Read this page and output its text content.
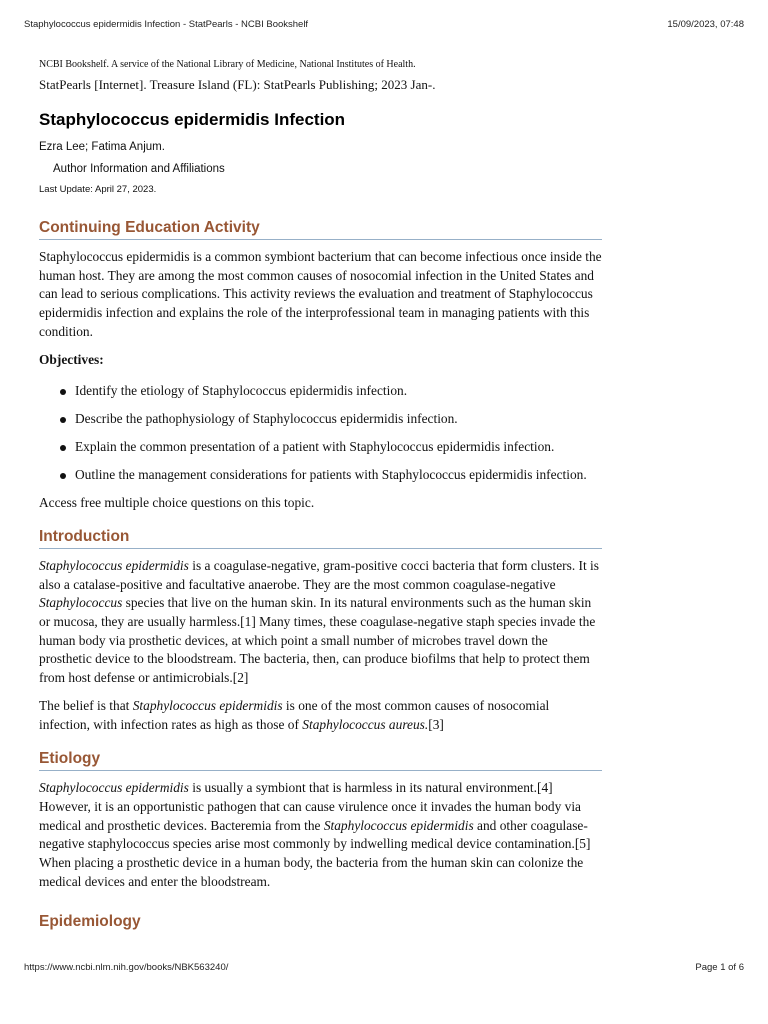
Staphylococcus epidermidis Infection - StatPearls - NCBI Bookshelf	15/09/2023, 07:48

NCBI Bookshelf. A service of the National Library of Medicine, National Institutes of Health.

StatPearls [Internet]. Treasure Island (FL): StatPearls Publishing; 2023 Jan-.

Staphylococcus epidermidis Infection

Ezra Lee; Fatima Anjum.

Author Information and Affiliations

Last Update: April 27, 2023.

Continuing Education Activity

Staphylococcus epidermidis is a common symbiont bacterium that can become infectious once inside the human host. They are among the most common causes of nosocomial infection in the United States and can lead to serious complications. This activity reviews the evaluation and treatment of Staphylococcus epidermidis infection and explains the role of the interprofessional team in managing patients with this condition.

Objectives:

Identify the etiology of Staphylococcus epidermidis infection.
Describe the pathophysiology of Staphylococcus epidermidis infection.
Explain the common presentation of a patient with Staphylococcus epidermidis infection.
Outline the management considerations for patients with Staphylococcus epidermidis infection.

Access free multiple choice questions on this topic.

Introduction

Staphylococcus epidermidis is a coagulase-negative, gram-positive cocci bacteria that form clusters. It is also a catalase-positive and facultative anaerobe. They are the most common coagulase-negative Staphylococcus species that live on the human skin. In its natural environments such as the human skin or mucosa, they are usually harmless.[1] Many times, these coagulase-negative staph species invade the human body via prosthetic devices, at which point a small number of microbes travel down the prosthetic device to the bloodstream. The bacteria, then, can produce biofilms that help to protect them from host defense or antimicrobials.[2]

The belief is that Staphylococcus epidermidis is one of the most common causes of nosocomial infection, with infection rates as high as those of Staphylococcus aureus.[3]

Etiology

Staphylococcus epidermidis is usually a symbiont that is harmless in its natural environment.[4] However, it is an opportunistic pathogen that can cause virulence once it invades the human body via medical and prosthetic devices. Bacteremia from the Staphylococcus epidermidis and other coagulase-negative staphylococcus species arise most commonly by indwelling medical device contamination.[5] When placing a prosthetic device in a human body, the bacteria from the human skin can colonize the medical devices and enter the bloodstream.

Epidemiology
https://www.ncbi.nlm.nih.gov/books/NBK563240/	Page 1 of 6
